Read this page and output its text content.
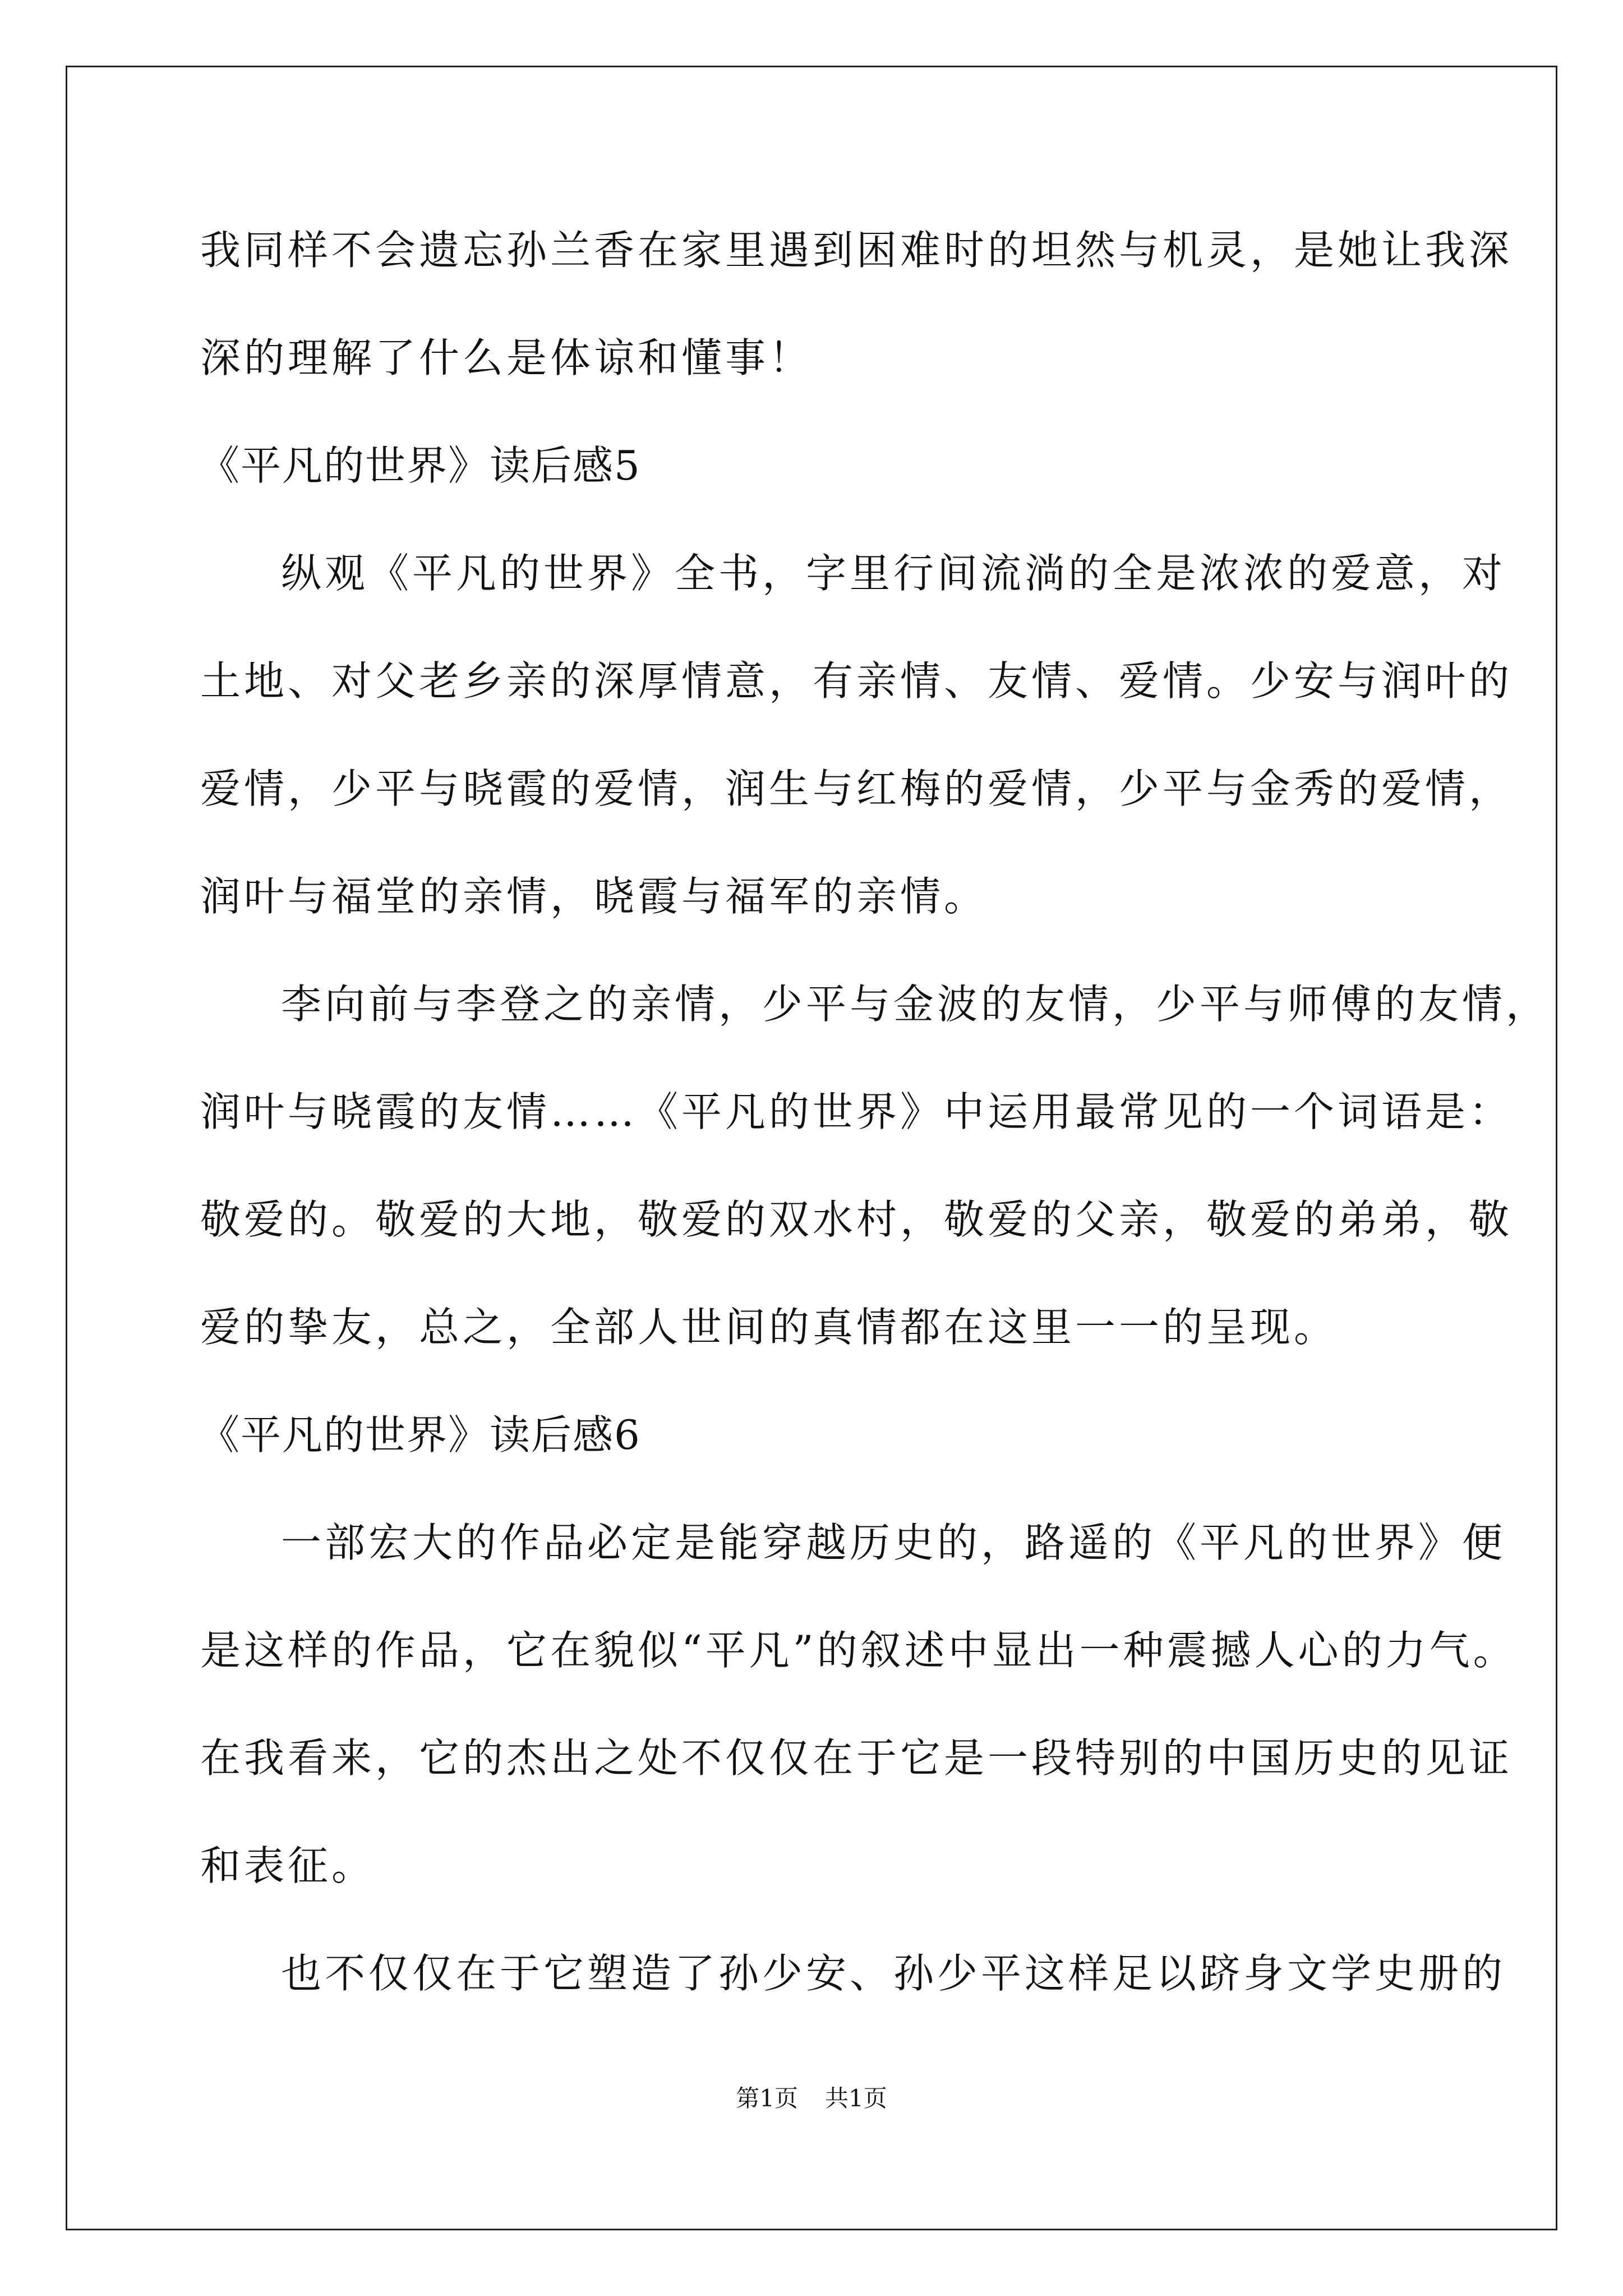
我同样不会遗忘孙兰香在家里遇到困难时的坦然与机灵，是她让我深
深的理解了什么是体谅和懂事！
《平凡的世界》读后感5
纵观《平凡的世界》全书，字里行间流淌的全是浓浓的爱意，对
土地、对父老乡亲的深厚情意，有亲情、友情、爱情。少安与润叶的
爱情，少平与晓霞的爱情，润生与红梅的爱情，少平与金秀的爱情，
润叶与福堂的亲情，晓霞与福军的亲情。
李向前与李登之的亲情，少平与金波的友情，少平与师傅的友情，
润叶与晓霞的友情……《平凡的世界》中运用最常见的一个词语是：
敬爱的。敬爱的大地，敬爱的双水村，敬爱的父亲，敬爱的弟弟，敬
爱的挚友，总之，全部人世间的真情都在这里一一的呈现。
《平凡的世界》读后感6
一部宏大的作品必定是能穿越历史的，路遥的《平凡的世界》便
是这样的作品，它在貌似“平凡”的叙述中显出一种震撼人心的力气。
在我看来，它的杰出之处不仅仅在于它是一段特别的中国历史的见证
和表征。
也不仅仅在于它塑造了孙少安、孙少平这样足以跻身文学史册的
第1页 共1页
